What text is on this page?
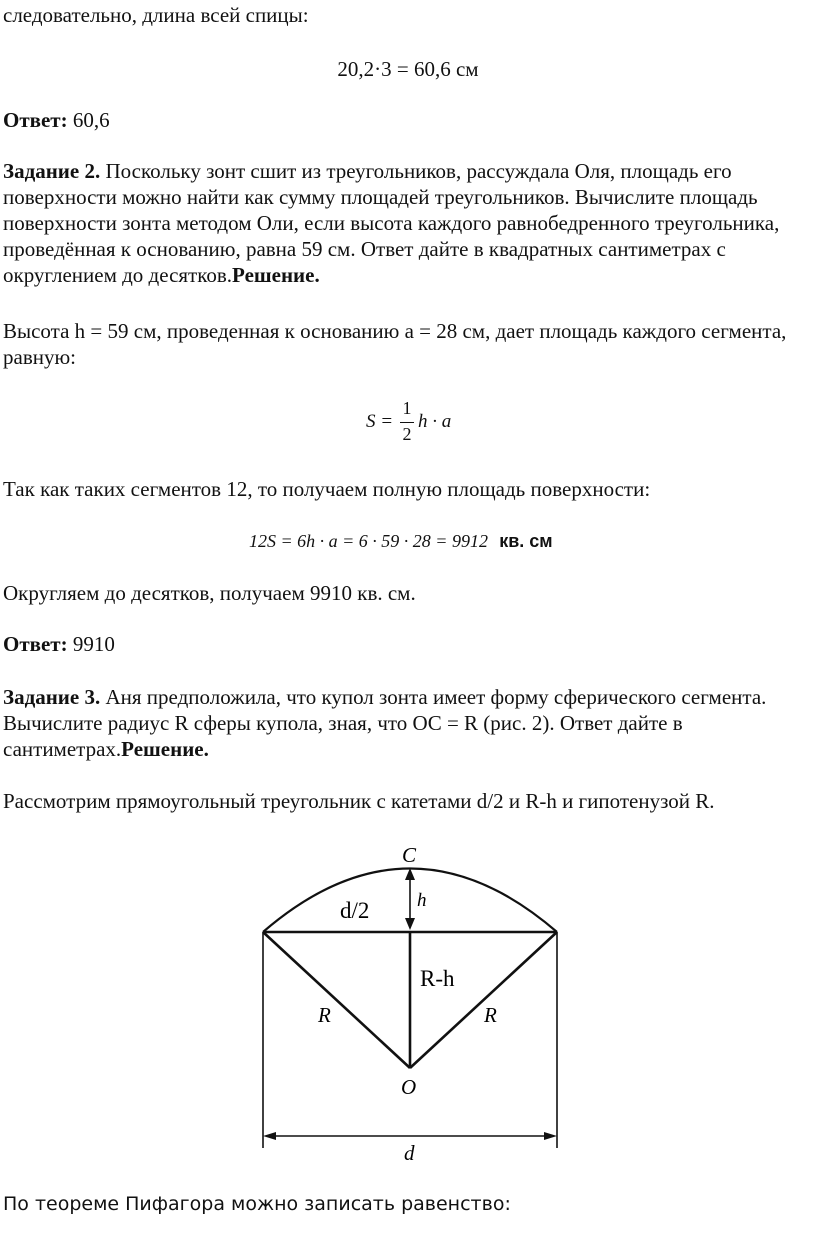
следовательно, длина всей спицы:
20,2·3 = 60,6 см
Ответ: 60,6
Задание 2. Поскольку зонт сшит из треугольников, рассуждала Оля, площадь его поверхности можно найти как сумму площадей треугольников. Вычислите площадь поверхности зонта методом Оли, если высота каждого равнобедренного треугольника, проведённая к основанию, равна 59 см. Ответ дайте в квадратных сантиметрах с округлением до десятков.Решение.
Высота h = 59 см, проведенная к основанию a = 28 см, дает площадь каждого сегмента, равную:
S =
1
2
h · a
Так как таких сегментов 12, то получаем полную площадь поверхности:
12S = 6h · a = 6 · 59 · 28 = 9912 кв. см
Округляем до десятков, получаем 9910 кв. см.
Ответ: 9910
Задание 3. Аня предположила, что купол зонта имеет форму сферического сегмента. Вычислите радиус R сферы купола, зная, что OC = R (рис. 2). Ответ дайте в сантиметрах.Решение.
Рассмотрим прямоугольный треугольник с катетами d/2 и R-h и гипотенузой R.
C
h
d/2
R-h
R	R
O
d
По теореме Пифагора можно записать равенство:
